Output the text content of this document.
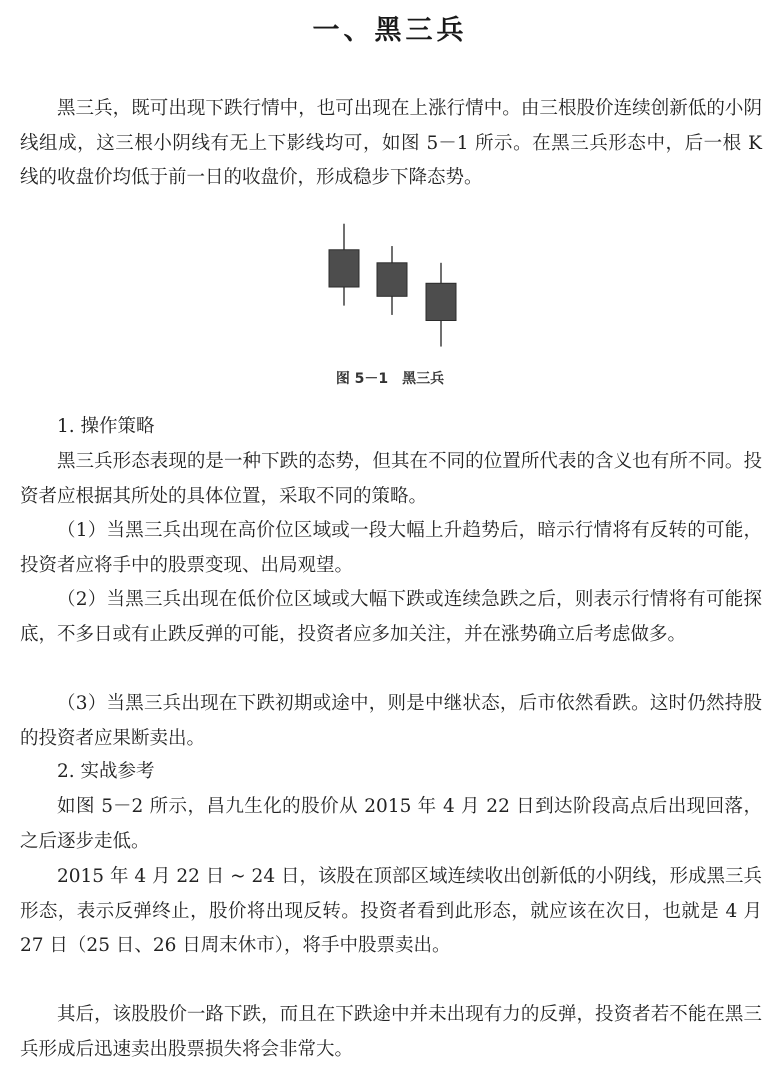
一、黑三兵

黑三兵，既可出现下跌行情中，也可出现在上涨行情中。由三根股价连续创新低的小阴线组成，这三根小阴线有无上下影线均可，如图 5－1 所示。在黑三兵形态中，后一根 K 线的收盘价均低于前一日的收盘价，形成稳步下降态势。

图 5－1　黑三兵

1. 操作策略

黑三兵形态表现的是一种下跌的态势，但其在不同的位置所代表的含义也有所不同。投资者应根据其所处的具体位置，采取不同的策略。

（1）当黑三兵出现在高价位区域或一段大幅上升趋势后，暗示行情将有反转的可能，投资者应将手中的股票变现、出局观望。

（2）当黑三兵出现在低价位区域或大幅下跌或连续急跌之后，则表示行情将有可能探底，不多日或有止跌反弹的可能，投资者应多加关注，并在涨势确立后考虑做多。

（3）当黑三兵出现在下跌初期或途中，则是中继状态，后市依然看跌。这时仍然持股的投资者应果断卖出。

2. 实战参考

如图 5－2 所示，昌九生化的股价从 2015 年 4 月 22 日到达阶段高点后出现回落，之后逐步走低。

2015 年 4 月 22 日 ~ 24 日，该股在顶部区域连续收出创新低的小阴线，形成黑三兵形态，表示反弹终止，股价将出现反转。投资者看到此形态，就应该在次日，也就是 4 月 27 日（25 日、26 日周末休市），将手中股票卖出。

其后，该股股价一路下跌，而且在下跌途中并未出现有力的反弹，投资者若不能在黑三兵形成后迅速卖出股票损失将会非常大。
